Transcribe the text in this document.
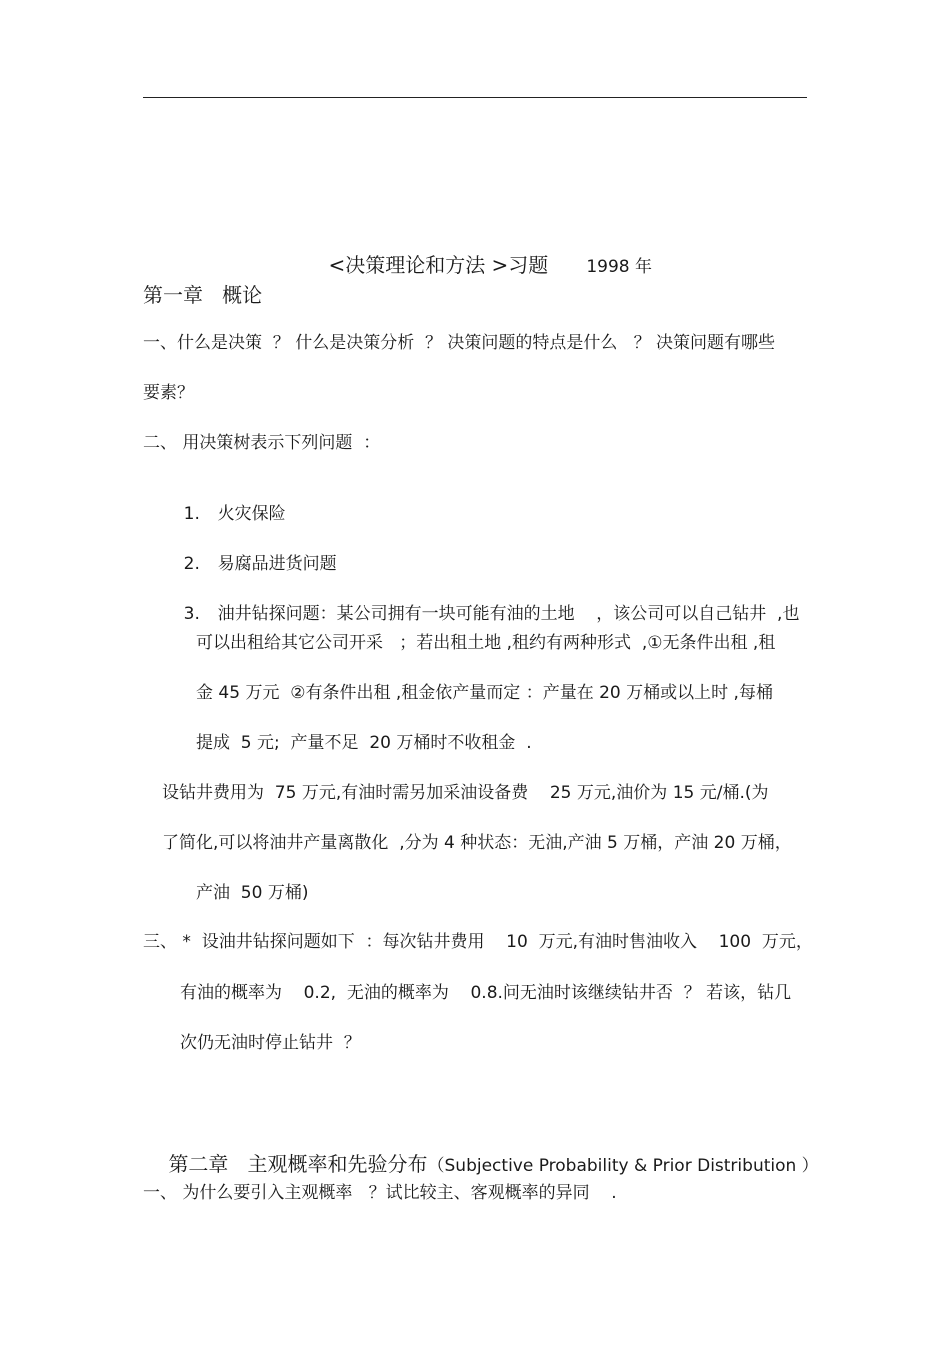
<决策理论和方法 >习题 1998 年

第一章   概论
一、什么是决策  ？ 什么是决策分析  ？ 决策问题的特点是什么   ？ 决策问题有哪些
要素？
二、 用决策树表示下列问题  ：

1. 火灾保险

2. 易腐品进货问题

3. 油井钻探问题：某公司拥有一块可能有油的土地    ，该公司可以自己钻井  ,也

可以出租给其它公司开采   ；若出租土地 ,租约有两种形式  ,①无条件出租 ,租
金 45 万元  ②有条件出租 ,租金依产量而定 ：产量在 20 万桶或以上时 ,每桶
提成  5 元;  产量不足  20 万桶时不收租金  .
设钻井费用为  75 万元,有油时需另加采油设备费    25 万元,油价为 15 元/桶.(为
了简化,可以将油井产量离散化  ,分为 4 种状态：无油,产油 5 万桶，产油 20 万桶，
产油  50 万桶)
三、 *  设油井钻探问题如下  ：每次钻井费用    10  万元,有油时售油收入    100  万元，
有油的概率为    0.2,  无油的概率为    0.8.问无油时该继续钻井否  ？ 若该，钻几
次仍无油时停止钻井  ？

第二章   主观概率和先验分布（Subjective Probability & Prior Distribution ）

一、 为什么要引入主观概率   ？试比较主、客观概率的异同    .
